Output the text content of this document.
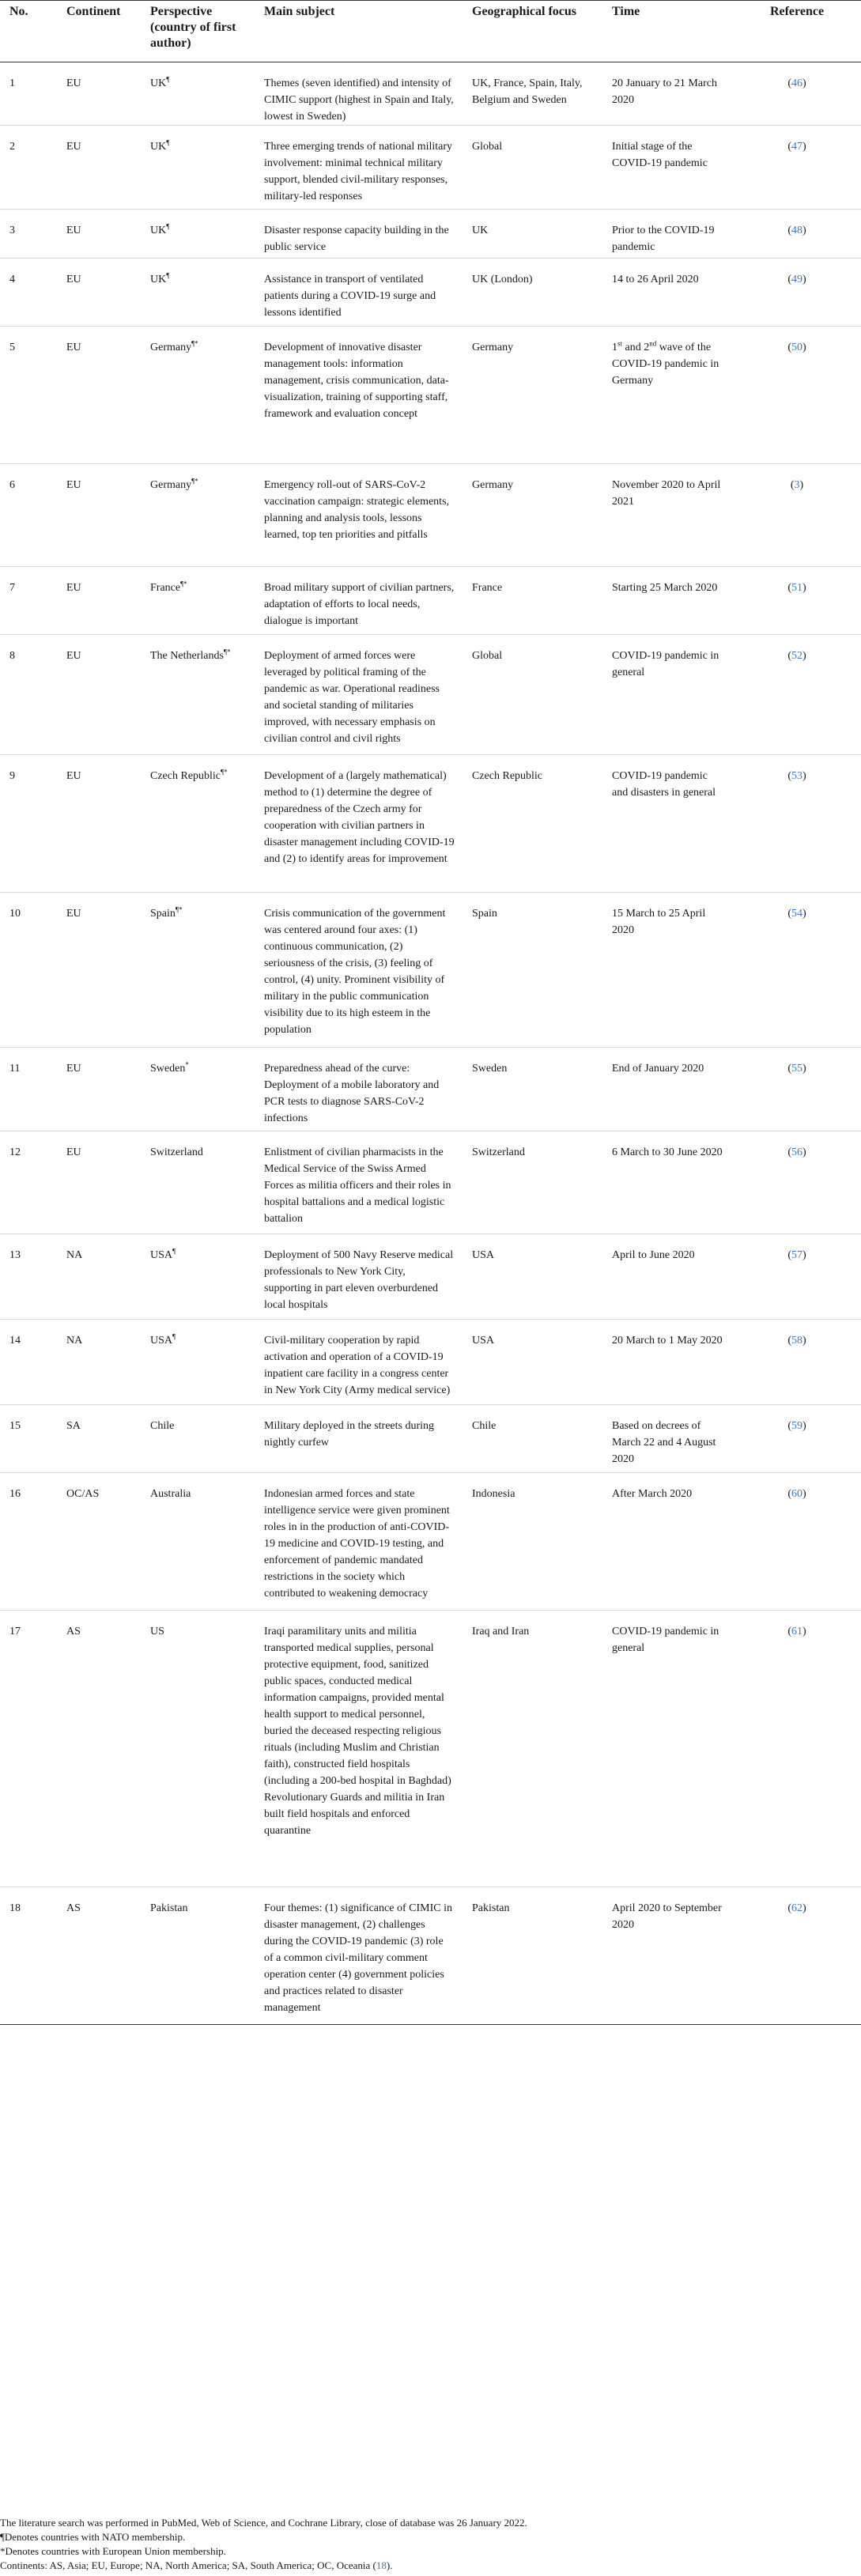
No.	Continent	Perspective (country of first author)	Main subject	Geographical focus	Time	Reference
1	EU	UK¶	Themes (seven identified) and intensity of CIMIC support (highest in Spain and Italy, lowest in Sweden)	UK, France, Spain, Italy, Belgium and Sweden	20 January to 21 March 2020	(46)
2	EU	UK¶	Three emerging trends of national military involvement: minimal technical military support, blended civil-military responses, military-led responses	Global	Initial stage of the COVID-19 pandemic	(47)
3	EU	UK¶	Disaster response capacity building in the public service	UK	Prior to the COVID-19 pandemic	(48)
4	EU	UK¶	Assistance in transport of ventilated patients during a COVID-19 surge and lessons identified	UK (London)	14 to 26 April 2020	(49)
5	EU	Germany¶*	Development of innovative disaster management tools: information management, crisis communication, data-visualization, training of supporting staff, framework and evaluation concept	Germany	1st and 2nd wave of the COVID-19 pandemic in Germany	(50)
6	EU	Germany¶*	Emergency roll-out of SARS-CoV-2 vaccination campaign: strategic elements, planning and analysis tools, lessons learned, top ten priorities and pitfalls	Germany	November 2020 to April 2021	(3)
7	EU	France¶*	Broad military support of civilian partners, adaptation of efforts to local needs, dialogue is important	France	Starting 25 March 2020	(51)
8	EU	The Netherlands¶*	Deployment of armed forces were leveraged by political framing of the pandemic as war. Operational readiness and societal standing of militaries improved, with necessary emphasis on civilian control and civil rights	Global	COVID-19 pandemic in general	(52)
9	EU	Czech Republic¶*	Development of a (largely mathematical) method to (1) determine the degree of preparedness of the Czech army for cooperation with civilian partners in disaster management including COVID-19 and (2) to identify areas for improvement	Czech Republic	COVID-19 pandemic and disasters in general	(53)
10	EU	Spain¶*	Crisis communication of the government was centered around four axes: (1) continuous communication, (2) seriousness of the crisis, (3) feeling of control, (4) unity. Prominent visibility of military in the public communication visibility due to its high esteem in the population	Spain	15 March to 25 April 2020	(54)
11	EU	Sweden*	Preparedness ahead of the curve: Deployment of a mobile laboratory and PCR tests to diagnose SARS-CoV-2 infections	Sweden	End of January 2020	(55)
12	EU	Switzerland	Enlistment of civilian pharmacists in the Medical Service of the Swiss Armed Forces as militia officers and their roles in hospital battalions and a medical logistic battalion	Switzerland	6 March to 30 June 2020	(56)
13	NA	USA¶	Deployment of 500 Navy Reserve medical professionals to New York City, supporting in part eleven overburdened local hospitals	USA	April to June 2020	(57)
14	NA	USA¶	Civil-military cooperation by rapid activation and operation of a COVID-19 inpatient care facility in a congress center in New York City (Army medical service)	USA	20 March to 1 May 2020	(58)
15	SA	Chile	Military deployed in the streets during nightly curfew	Chile	Based on decrees of March 22 and 4 August 2020	(59)
16	OC/AS	Australia	Indonesian armed forces and state intelligence service were given prominent roles in in the production of anti-COVID-19 medicine and COVID-19 testing, and enforcement of pandemic mandated restrictions in the society which contributed to weakening democracy	Indonesia	After March 2020	(60)
17	AS	US	Iraqi paramilitary units and militia transported medical supplies, personal protective equipment, food, sanitized public spaces, conducted medical information campaigns, provided mental health support to medical personnel, buried the deceased respecting religious rituals (including Muslim and Christian faith), constructed field hospitals (including a 200-bed hospital in Baghdad) Revolutionary Guards and militia in Iran built field hospitals and enforced quarantine	Iraq and Iran	COVID-19 pandemic in general	(61)
18	AS	Pakistan	Four themes: (1) significance of CIMIC in disaster management, (2) challenges during the COVID-19 pandemic (3) role of a common civil-military comment operation center (4) government policies and practices related to disaster management	Pakistan	April 2020 to September 2020	(62)

The literature search was performed in PubMed, Web of Science, and Cochrane Library, close of database was 26 January 2022.

¶Denotes countries with NATO membership.

*Denotes countries with European Union membership.

Continents: AS, Asia; EU, Europe; NA, North America; SA, South America; OC, Oceania (18).
